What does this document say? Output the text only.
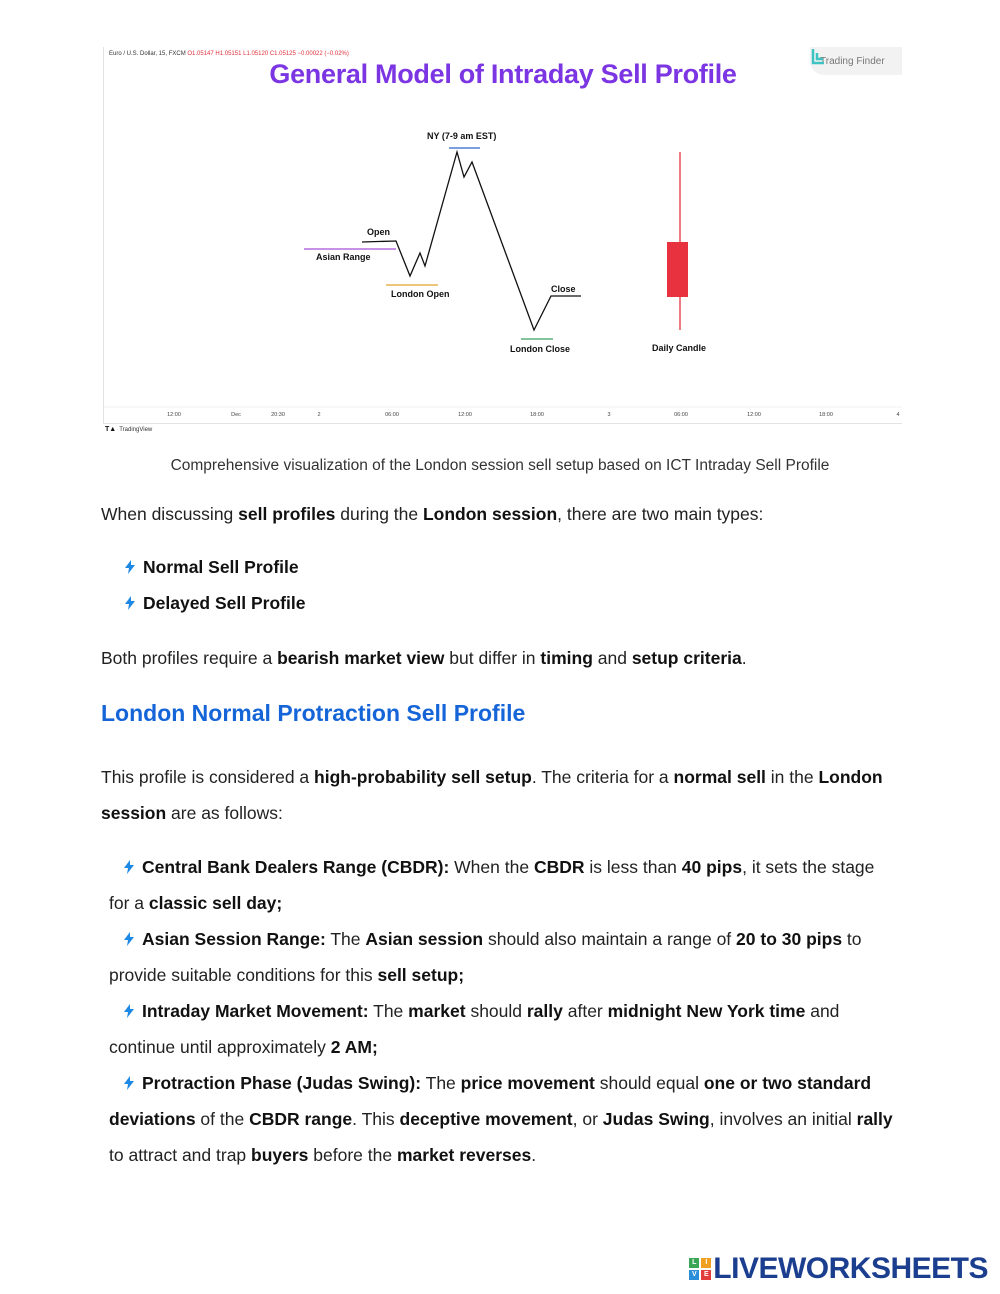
Euro / U.S. Dollar, 15, FXCM O1.05147 H1.05151 L1.05120 C1.05125 −0.00022 (−0.02%)
Trading Finder
General Model of Intraday Sell Profile
NY (7-9 am EST)
Open
Asian Range
London Open	Close
London Close	Daily Candle
12:00	Dec	20:30	2	06:00	12:00	18:00	3	06:00	12:00	18:00	4
T▲ TradingView
Comprehensive visualization of the London session sell setup based on ICT Intraday Sell Profile

When discussing sell profiles during the London session, there are two main types:

Normal Sell Profile
Delayed Sell Profile

Both profiles require a bearish market view but differ in timing and setup criteria.

London Normal Protraction Sell Profile

This profile is considered a high-probability sell setup. The criteria for a normal sell in the London session are as follows:

Central Bank Dealers Range (CBDR): When the CBDR is less than 40 pips, it sets the stage for a classic sell day;

Asian Session Range: The Asian session should also maintain a range of 20 to 30 pips to provide suitable conditions for this sell setup;

Intraday Market Movement: The market should rally after midnight New York time and continue until approximately 2 AM;

Protraction Phase (Judas Swing): The price movement should equal one or two standard deviations of the CBDR range. This deceptive movement, or Judas Swing, involves an initial rally to attract and trap buyers before the market reverses.

L	I
V	E LIVEWORKSHEETS
